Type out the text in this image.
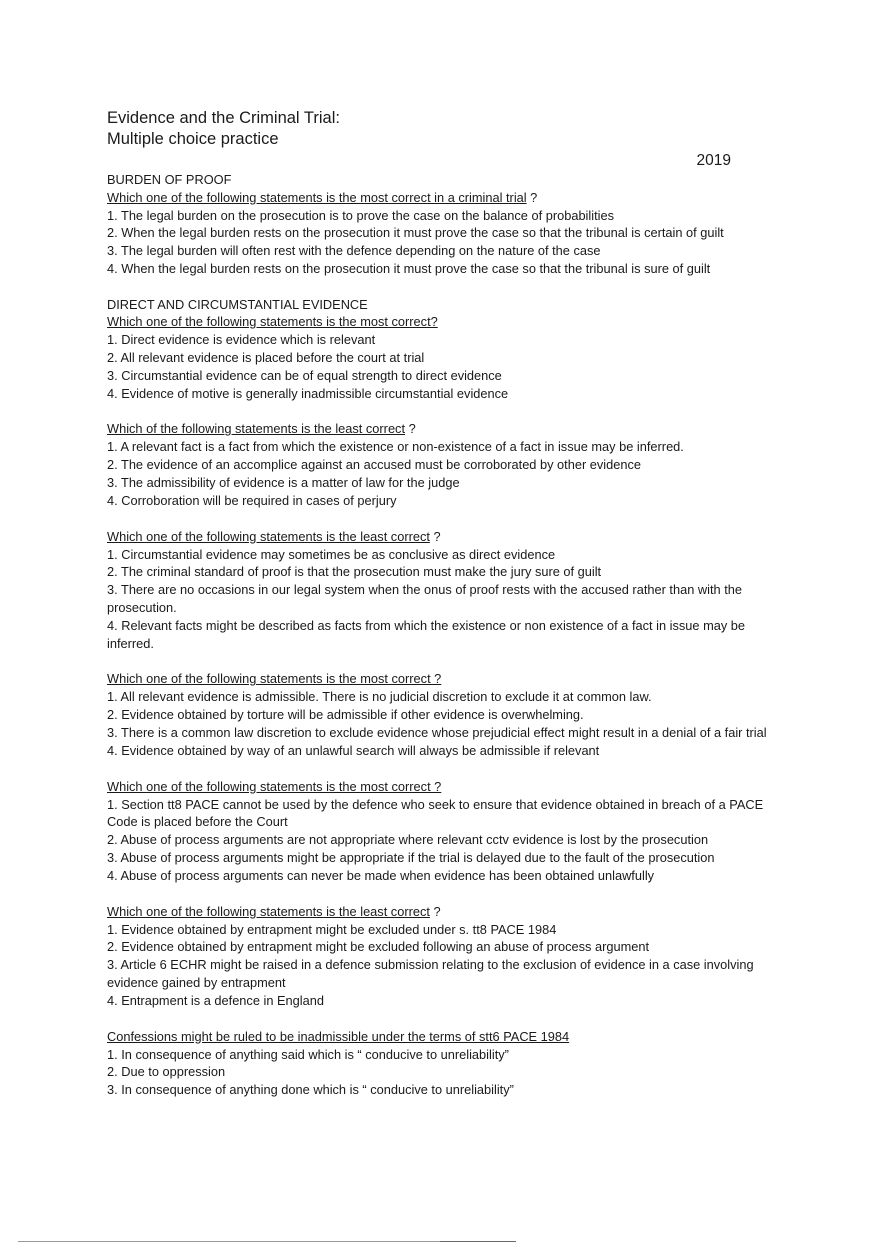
Evidence and the Criminal Trial:
Multiple choice practice
2019
BURDEN OF PROOF
Which one of the following statements is the most correct in a criminal trial ?
1. The legal burden on the prosecution is to prove the case on the balance of probabilities
2. When the legal burden rests on the prosecution it must prove the case so that the tribunal is certain of guilt
3. The legal burden will often rest with the defence depending on the nature of the case
4. When the legal burden rests on the prosecution it must prove the case so that the tribunal is sure of guilt
DIRECT AND CIRCUMSTANTIAL EVIDENCE
Which one of the following statements is the most correct?
1. Direct evidence is evidence which is relevant
2. All relevant evidence is placed before the court at trial
3. Circumstantial evidence can be of equal strength to direct evidence
4. Evidence of motive is generally inadmissible circumstantial evidence
Which of the following statements is the least correct ?
1. A relevant fact is a fact from which the existence or non-existence of a fact in issue may be inferred.
2. The evidence of an accomplice against an accused must be corroborated by other evidence
3. The admissibility of evidence is a matter of law for the judge
4. Corroboration will be required in cases of perjury
Which one of the following statements is the least correct ?
1. Circumstantial evidence may sometimes be as conclusive as direct evidence
2. The criminal standard of proof is that the prosecution must make the jury sure of guilt
3. There are no occasions in our legal system when the onus of proof rests with the accused rather than with the prosecution.
4. Relevant facts might be described as facts from which the existence or non existence of a fact in issue may be inferred.
Which one of the following statements is the most correct ?
1. All relevant evidence is admissible. There is no judicial discretion to exclude it at common law.
2. Evidence obtained by torture will be admissible if other evidence is overwhelming.
3. There is a common law discretion to exclude evidence whose prejudicial effect might result in a denial of a fair trial
4. Evidence obtained by way of an unlawful search will always be admissible if relevant
Which one of the following statements is the most correct ?
1. Section tt8 PACE cannot be used by the defence who seek to ensure that evidence obtained in breach of a PACE Code is placed before the Court
2. Abuse of process arguments are not appropriate where relevant cctv evidence is lost by the prosecution
3. Abuse of process arguments might be appropriate if the trial is delayed due to the fault of the prosecution
4. Abuse of process arguments can never be made when evidence has been obtained unlawfully
Which one of the following statements is the least correct ?
1. Evidence obtained by entrapment might be excluded under s. tt8 PACE 1984
2. Evidence obtained by entrapment might be excluded following an abuse of process argument
3. Article 6 ECHR might be raised in a defence submission relating to the exclusion of evidence in a case involving evidence gained by entrapment
4. Entrapment is a defence in England
Confessions might be ruled to be inadmissible under the terms of stt6 PACE 1984
1. In consequence of anything said which is “ conducive to unreliability”
2. Due to oppression
3. In consequence of anything done which is “ conducive to unreliability”
